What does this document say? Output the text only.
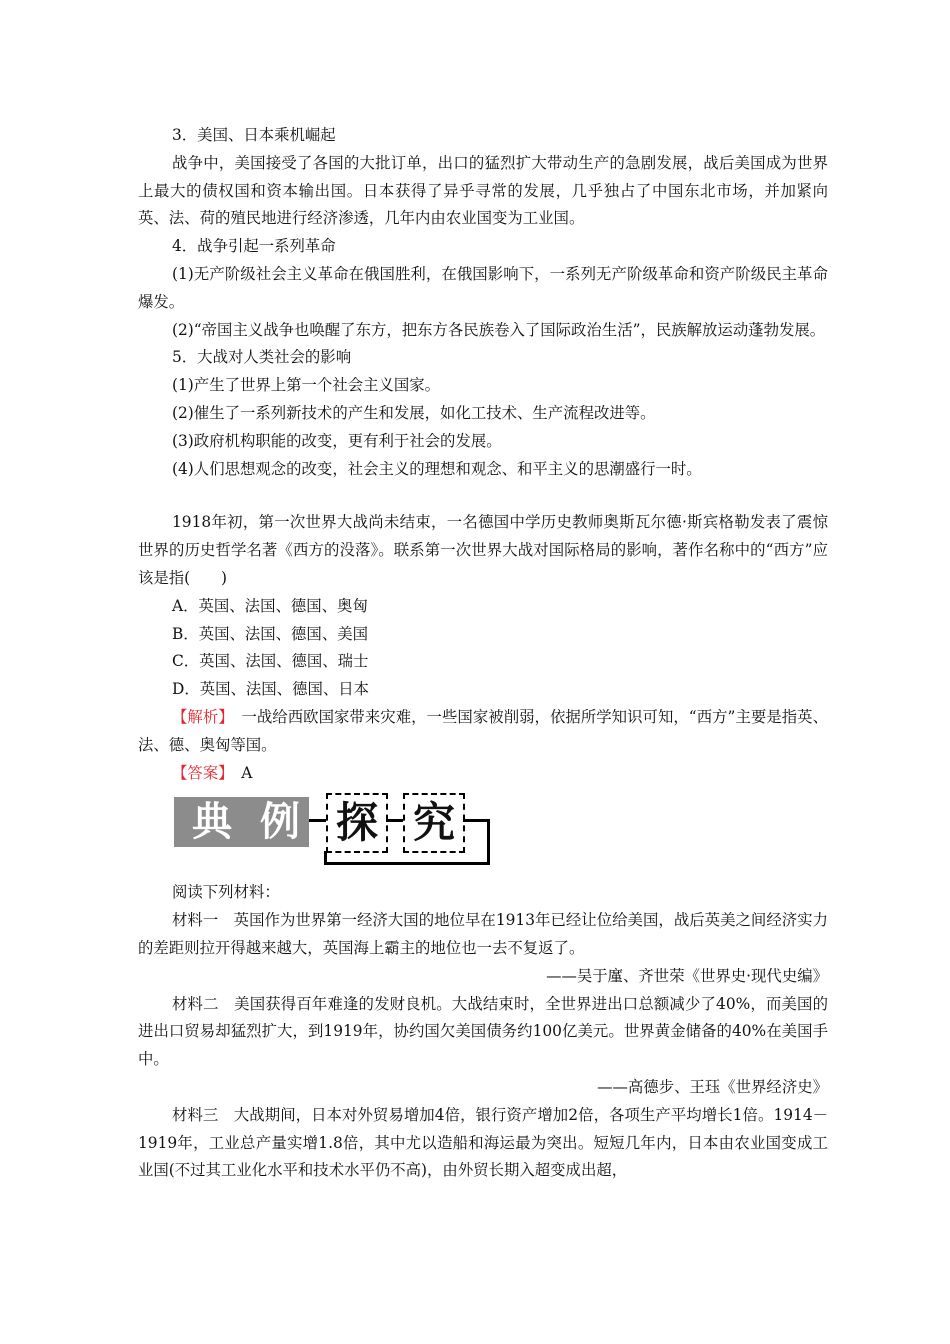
3．美国、日本乘机崛起

战争中，美国接受了各国的大批订单，出口的猛烈扩大带动生产的急剧发展，战后美国成为世界上最大的债权国和资本输出国。日本获得了异乎寻常的发展，几乎独占了中国东北市场，并加紧向英、法、荷的殖民地进行经济渗透，几年内由农业国变为工业国。

4．战争引起一系列革命

(1)无产阶级社会主义革命在俄国胜利，在俄国影响下，一系列无产阶级革命和资产阶级民主革命爆发。

(2)“帝国主义战争也唤醒了东方，把东方各民族卷入了国际政治生活”，民族解放运动蓬勃发展。

5．大战对人类社会的影响

(1)产生了世界上第一个社会主义国家。

(2)催生了一系列新技术的产生和发展，如化工技术、生产流程改进等。

(3)政府机构职能的改变，更有利于社会的发展。

(4)人们思想观念的改变，社会主义的理想和观念、和平主义的思潮盛行一时。

1918年初，第一次世界大战尚未结束，一名德国中学历史教师奥斯瓦尔德·斯宾格勒发表了震惊世界的历史哲学名著《西方的没落》。联系第一次世界大战对国际格局的影响，著作名称中的“西方”应该是指(　　)

A．英国、法国、德国、奥匈

B．英国、法国、德国、美国

C．英国、法国、德国、瑞士

D．英国、法国、德国、日本

【解析】　一战给西欧国家带来灾难，一些国家被削弱，依据所学知识可知，“西方”主要是指英、法、德、奥匈等国。

【答案】　A

典 例 探 究

阅读下列材料：

材料一　英国作为世界第一经济大国的地位早在1913年已经让位给美国，战后英美之间经济实力的差距则拉开得越来越大，英国海上霸主的地位也一去不复返了。

——吴于廑、齐世荣《世界史·现代史编》

材料二　美国获得百年难逢的发财良机。大战结束时，全世界进出口总额减少了40%，而美国的进出口贸易却猛烈扩大，到1919年，协约国欠美国债务约100亿美元。世界黄金储备的40%在美国手中。

——高德步、王珏《世界经济史》

材料三　大战期间，日本对外贸易增加4倍，银行资产增加2倍，各项生产平均增长1倍。1914－1919年，工业总产量实增1.8倍，其中尤以造船和海运最为突出。短短几年内，日本由农业国变成工业国(不过其工业化水平和技术水平仍不高)，由外贸长期入超变成出超，
